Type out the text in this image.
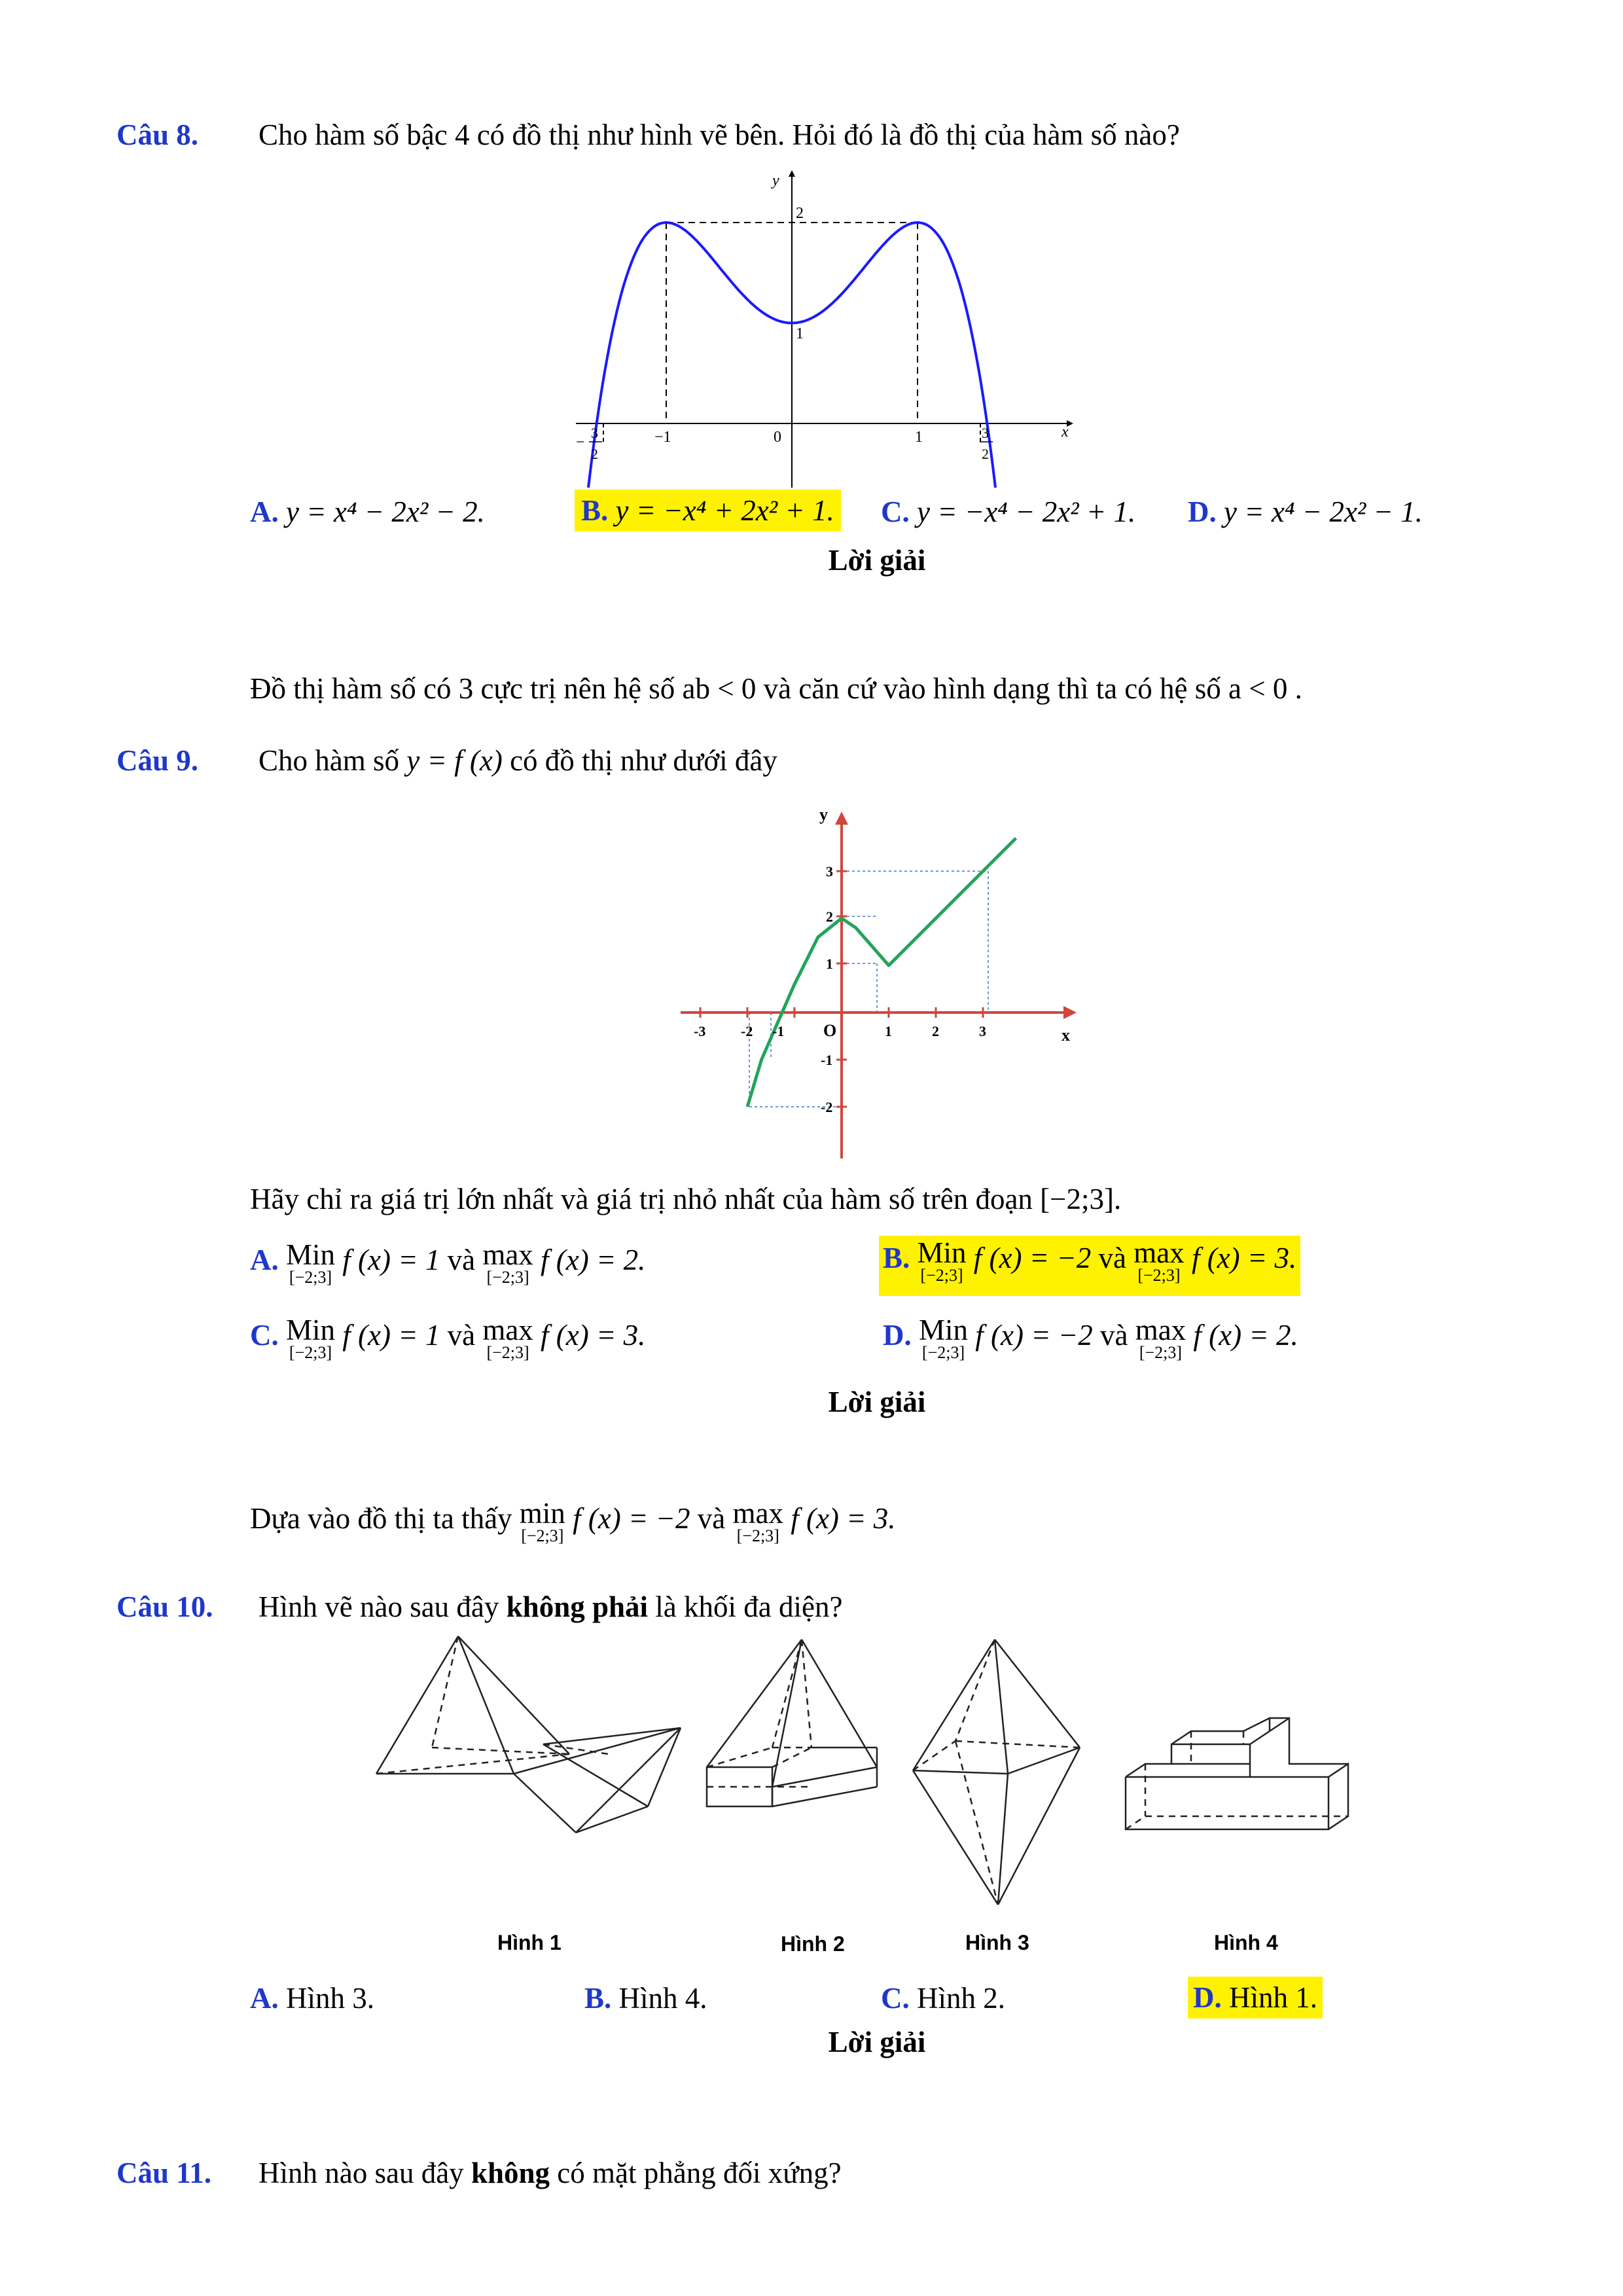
Câu 8. Cho hàm số bậc 4 có đồ thị như hình vẽ bên. Hỏi đó là đồ thị của hàm số nào?
y
x
2
1
0
−1	1
−
3
2
3
2
A. y = x⁴ − 2x² − 2.	B. y = −x⁴ + 2x² + 1. C. y = −x⁴ − 2x² + 1. D. y = x⁴ − 2x² − 1.
Lời giải
Đồ thị hàm số có 3 cực trị nên hệ số ab < 0 và căn cứ vào hình dạng thì ta có hệ số a < 0 .
Câu 9. Cho hàm số y = f (x) có đồ thị như dưới đây
y
x
O
-3 -2 -1	1	2	3
3
2
1
-1
-2
Hãy chỉ ra giá trị lớn nhất và giá trị nhỏ nhất của hàm số trên đoạn [−2;3].
A. Min
[−2;3]
f (x) = 1 và max
[−2;3]
f (x) = 2.	B. Min
[−2;3]
f (x) = −2 và max
[−2;3]
f (x) = 3.
C. Min
[−2;3]
f (x) = 1 và max
[−2;3]
f (x) = 3.	D. Min
[−2;3]
f (x) = −2 và max
[−2;3]
f (x) = 2.
Lời giải
Dựa vào đồ thị ta thấy min
[−2;3]
f (x) = −2 và max
[−2;3]
f (x) = 3.
Câu 10. Hình vẽ nào sau đây không phải là khối đa diện?
Hình 1	Hình 2	Hình 3	Hình 4
A. Hình 3.	B. Hình 4.	C. Hình 2.	D. Hình 1.
Lời giải
Câu 11. Hình nào sau đây không có mặt phẳng đối xứng?
